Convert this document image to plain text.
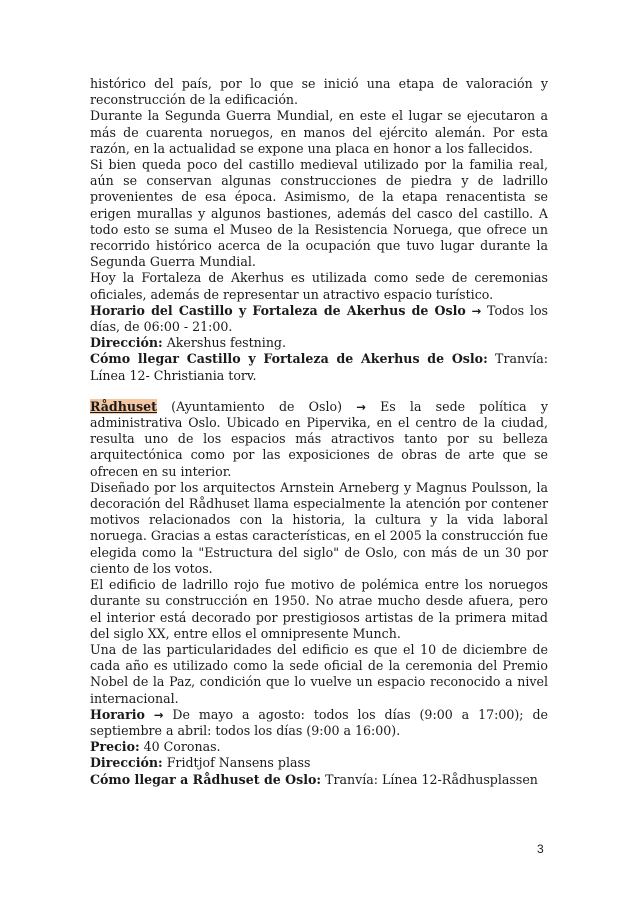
histórico del país, por lo que se inició una etapa de valoración y reconstrucción de la edificación.

Durante la Segunda Guerra Mundial, en este el lugar se ejecutaron a más de cuarenta noruegos, en manos del ejército alemán. Por esta razón, en la actualidad se expone una placa en honor a los fallecidos.

Si bien queda poco del castillo medieval utilizado por la familia real, aún se conservan algunas construcciones de piedra y de ladrillo provenientes de esa época. Asimismo, de la etapa renacentista se erigen murallas y algunos bastiones, además del casco del castillo. A todo esto se suma el Museo de la Resistencia Noruega, que ofrece un recorrido histórico acerca de la ocupación que tuvo lugar durante la Segunda Guerra Mundial.

Hoy la Fortaleza de Akerhus es utilizada como sede de ceremonias oficiales, además de representar un atractivo espacio turístico.

Horario del Castillo y Fortaleza de Akerhus de Oslo → Todos los días, de 06:00 - 21:00.

Dirección: Akershus festning.

Cómo llegar Castillo y Fortaleza de Akerhus de Oslo: Tranvía: Línea 12- Christiania torv.

Rådhuset (Ayuntamiento de Oslo) → Es la sede política y administrativa Oslo. Ubicado en Pipervika, en el centro de la ciudad, resulta uno de los espacios más atractivos tanto por su belleza arquitectónica como por las exposiciones de obras de arte que se ofrecen en su interior.

Diseñado por los arquitectos Arnstein Arneberg y Magnus Poulsson, la decoración del Rådhuset llama especialmente la atención por contener motivos relacionados con la historia, la cultura y la vida laboral noruega. Gracias a estas características, en el 2005 la construcción fue elegida como la "Estructura del siglo" de Oslo, con más de un 30 por ciento de los votos.

El edificio de ladrillo rojo fue motivo de polémica entre los noruegos durante su construcción en 1950. No atrae mucho desde afuera, pero el interior está decorado por prestigiosos artistas de la primera mitad del siglo XX, entre ellos el omnipresente Munch.

Una de las particularidades del edificio es que el 10 de diciembre de cada año es utilizado como la sede oficial de la ceremonia del Premio Nobel de la Paz, condición que lo vuelve un espacio reconocido a nivel internacional.

Horario → De mayo a agosto: todos los días (9:00 a 17:00); de septiembre a abril: todos los días (9:00 a 16:00).

Precio: 40 Coronas.

Dirección: Fridtjof Nansens plass

Cómo llegar a Rådhuset de Oslo: Tranvía: Línea 12-Rådhusplassen

3
